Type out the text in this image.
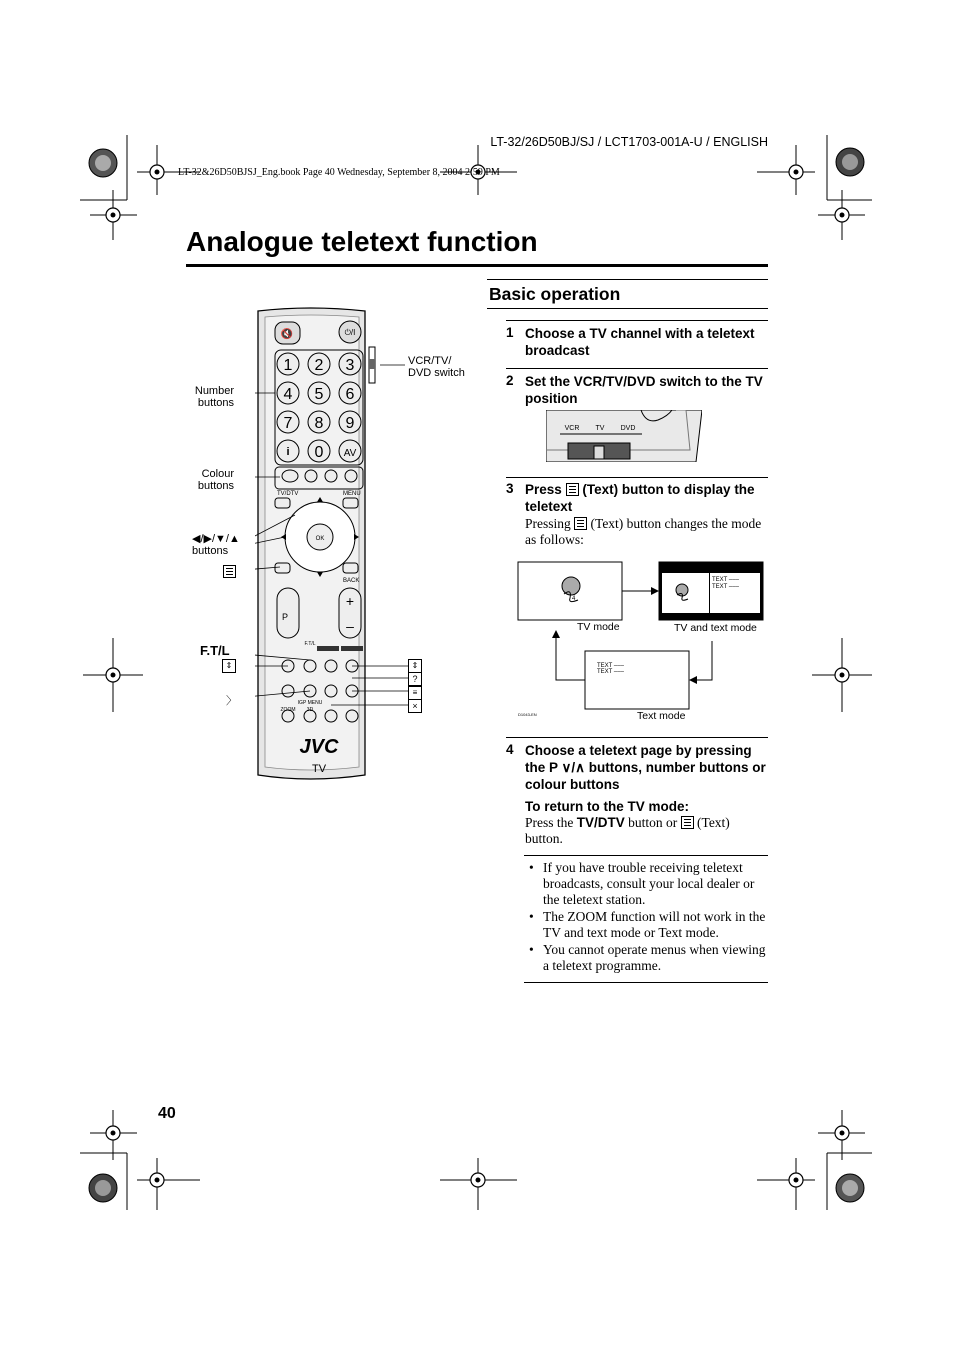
LT-32/26D50BJ/SJ / LCT1703-001A-U / ENGLISH
LT-32&26D50BJSJ_Eng.book Page 40 Wednesday, September 8, 2004 2:59 PM
Analogue teletext function
🔇	⏻/I
1 2 3
4 5 6
7 8 9
0 AV
i
TV/DTV	MENU
OK
BACK
P
+
–
F.T/L
IGP MENU
ZOOM 3D
JVC
TV
Number buttons
Colour buttons
◀/▶/▼/▲ buttons
VCR/TV/ DVD switch
F.T/L
⇕
〉
⇕
?
≡
×
Basic operation
1 Choose a TV channel with a teletext broadcast
2 Set the VCR/TV/DVD switch to the TV position
VCR TV DVD
3 Press (Text) button to display the teletext
Pressing (Text) button changes the mode as follows:
4
TEXT –––
TEXT –––
TEXT –––
TEXT –––
D1043-EN
TV mode	TV and text mode
Text mode
4 Choose a teletext page by pressing the P ∨/∧ buttons, number buttons or colour buttons
To return to the TV mode:
Press the TV/DTV button or (Text) button.
• If you have trouble receiving teletext broadcasts, consult your local dealer or the teletext station.
• The ZOOM function will not work in the TV and text mode or Text mode.
• You cannot operate menus when viewing a teletext programme.
40
